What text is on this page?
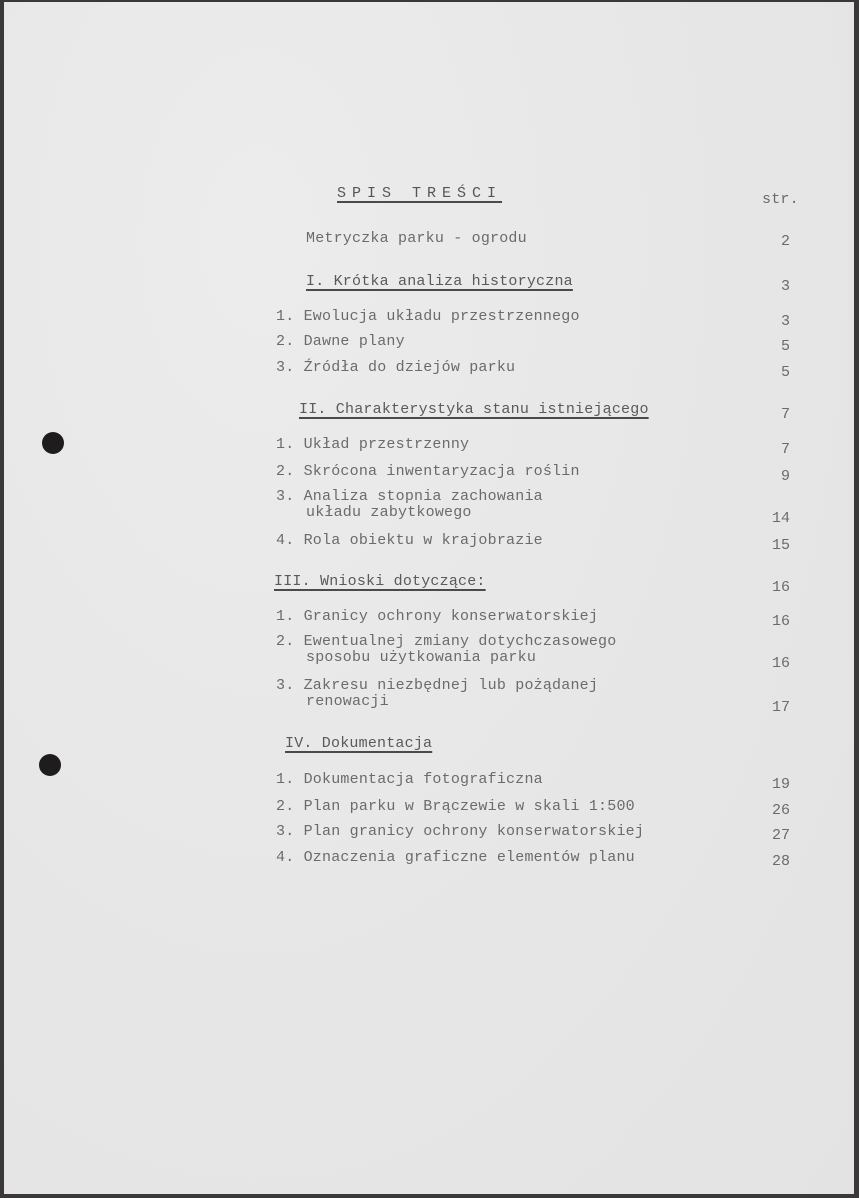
SPIS TREŚCI	str.
Metryczka parku - ogrodu	2
I. Krótka analiza historyczna	3
1. Ewolucja układu przestrzennego	3
2. Dawne plany	5
3. Źródła do dziejów parku	5
II. Charakterystyka stanu istniejącego	7
1. Układ przestrzenny	7
2. Skrócona inwentaryzacja roślin	9
3. Analiza stopnia zachowania
układu zabytkowego	14
4. Rola obiektu w krajobrazie	15
III. Wnioski dotyczące:	16
1. Granicy ochrony konserwatorskiej	16
2. Ewentualnej zmiany dotychczasowego
sposobu użytkowania parku	16
3. Zakresu niezbędnej lub pożądanej
renowacji	17
IV. Dokumentacja
1. Dokumentacja fotograficzna	19
2. Plan parku w Brączewie w skali 1:500	26
3. Plan granicy ochrony konserwatorskiej	27
4. Oznaczenia graficzne elementów planu	28
